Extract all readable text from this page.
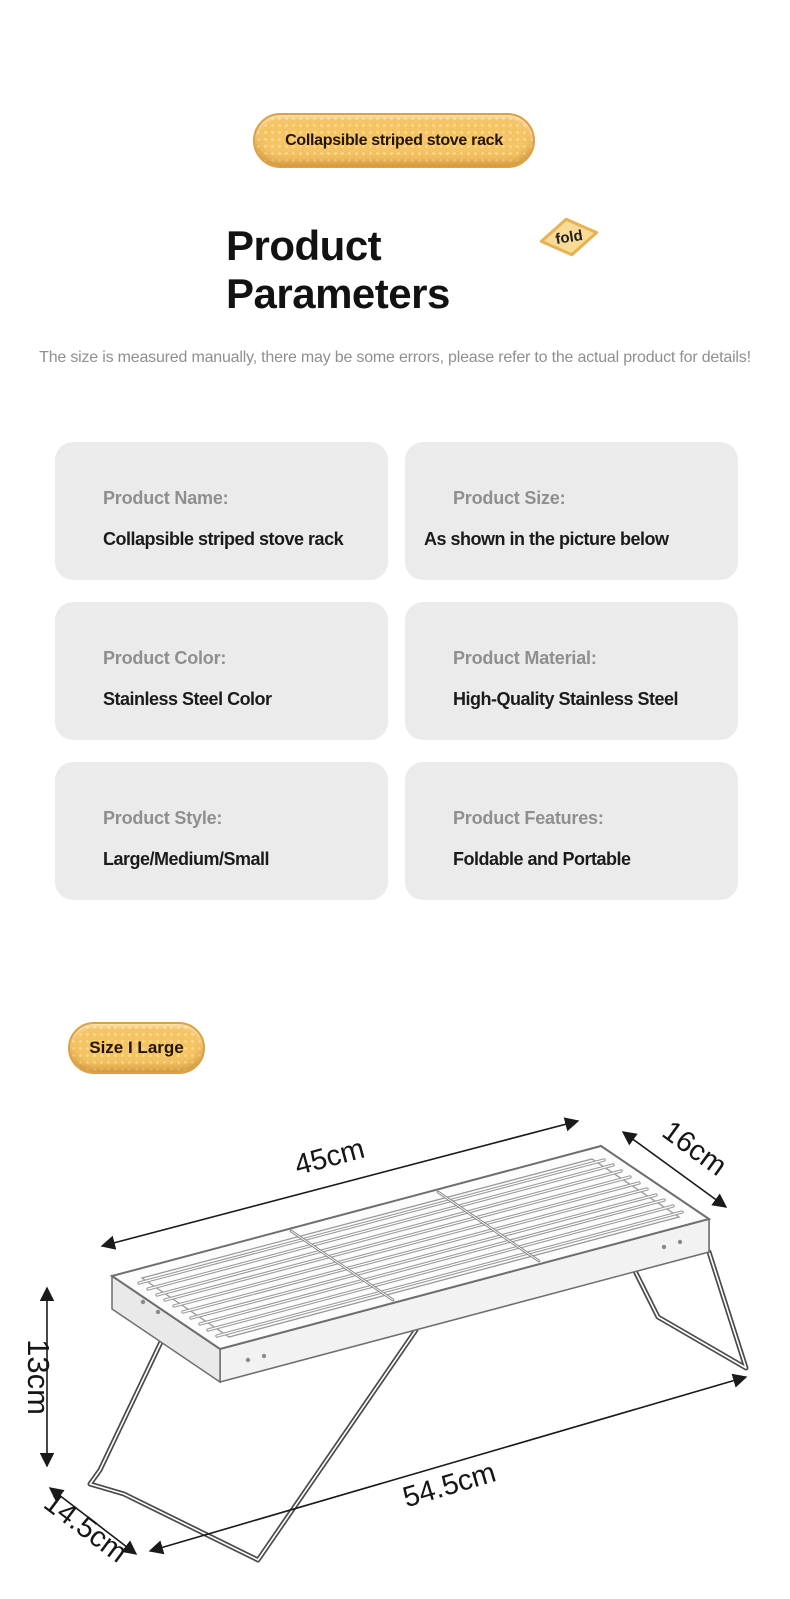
Collapsible striped stove rack
Product
Parameters
fold
The size is measured manually, there may be some errors, please refer to the actual product for details!
Product Name:
Collapsible striped stove rack
Product Size:
As shown in the picture below
Product Color:
Stainless Steel Color
Product Material:
High-Quality Stainless Steel
Product Style:
Large/Medium/Small
Product Features:
Foldable and Portable
Size I Large
45cm	16cm
13cm
14.5cm
54.5cm
